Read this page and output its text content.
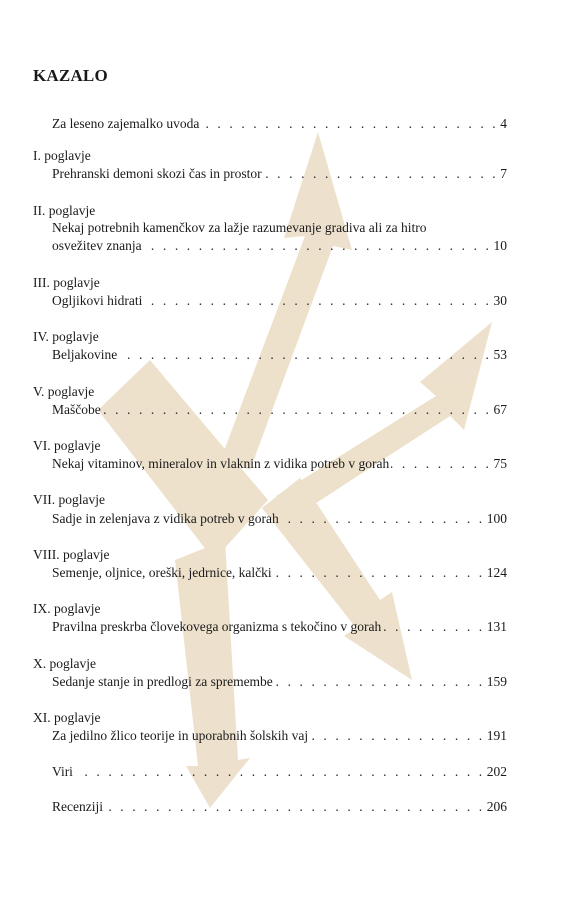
KAZALO
Za leseno zajemalko uvoda . . .	4
I. poglavje
Prehranski demoni skozi čas in prostor . . .	7
II. poglavje
Nekaj potrebnih kamenčkov za lažje razumevanje gradiva ali za hitro
osvežitev znanja . . .	10
III. poglavje
Ogljikovi hidrati . . .	30
IV. poglavje
Beljakovine . . .	53
V. poglavje
Maščobe . . .	67
VI. poglavje
Nekaj vitaminov, mineralov in vlaknin z vidika potreb v gorah . . .	75
VII. poglavje
Sadje in zelenjava z vidika potreb v gorah . . .	100
VIII. poglavje
Semenje, oljnice, oreški, jedrnice, kalčki . . .	124
IX. poglavje
Pravilna preskrba človekovega organizma s tekočino v gorah . . .	131
X. poglavje
Sedanje stanje in predlogi za spremembe . . .	159
XI. poglavje
Za jedilno žlico teorije in uporabnih šolskih vaj . . .	191
Viri . . .	202
Recenziji . . .	206
